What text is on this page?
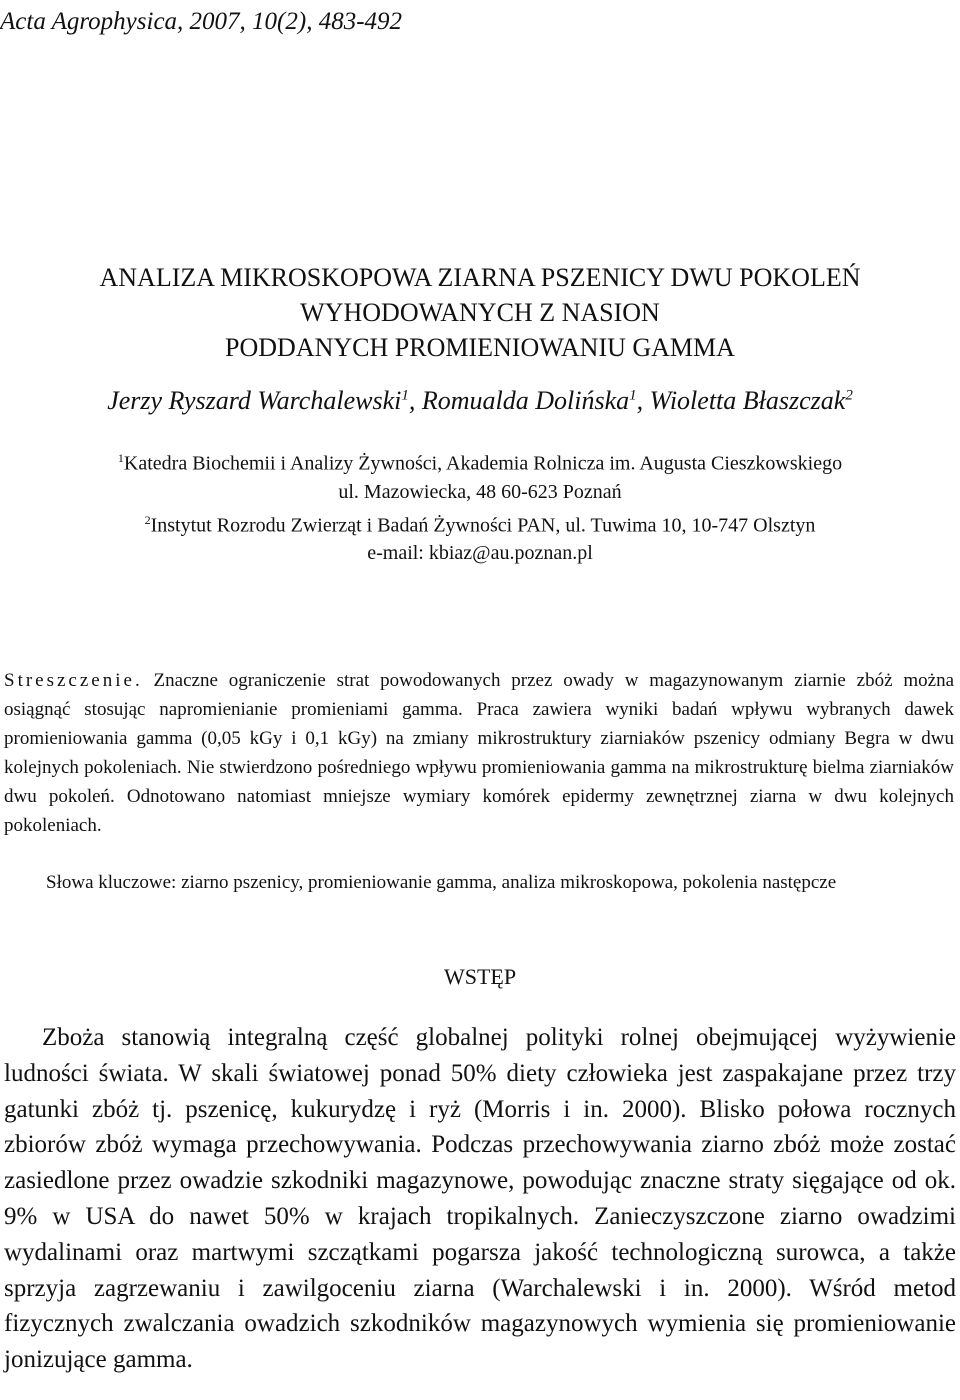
Acta Agrophysica, 2007, 10(2), 483-492
ANALIZA MIKROSKOPOWA ZIARNA PSZENICY DWU POKOLEŃ
WYHODOWANYCH Z NASION
PODDANYCH PROMIENIOWANIU GAMMA
Jerzy Ryszard Warchalewski$^1$, Romualda Dolińska$^1$, Wioletta Błaszczak$^2$
$^1$Katedra Biochemii i Analizy Żywności, Akademia Rolnicza im. Augusta Cieszkowskiego
ul. Mazowiecka, 48 60-623 Poznań
$^2$Instytut Rozrodu Zwierząt i Badań Żywności PAN, ul. Tuwima 10, 10-747 Olsztyn
e-mail: kbiaz@au.poznan.pl
Streszczenie. Znaczne ograniczenie strat powodowanych przez owady w magazynowanym ziarnie zbóż można osiągnąć stosując napromienianie promieniami gamma. Praca zawiera wyniki badań wpływu wybranych dawek promieniowania gamma (0,05 kGy i 0,1 kGy) na zmiany mikrostruktury ziarniaków pszenicy odmiany Begra w dwu kolejnych pokoleniach. Nie stwierdzono pośredniego wpływu promieniowania gamma na mikrostrukturę bielma ziarniaków dwu pokoleń. Odnotowano natomiast mniejsze wymiary komórek epidermy zewnętrznej ziarna w dwu kolejnych pokoleniach.
Słowa kluczowe: ziarno pszenicy, promieniowanie gamma, analiza mikroskopowa, pokolenia następcze
WSTĘP
Zboża stanowią integralną część globalnej polityki rolnej obejmującej wyżywienie ludności świata. W skali światowej ponad 50% diety człowieka jest zaspakajane przez trzy gatunki zbóż tj. pszenicę, kukurydzę i ryż (Morris i in. 2000). Blisko połowa rocznych zbiorów zbóż wymaga przechowywania. Podczas przechowywania ziarno zbóż może zostać zasiedlone przez owadzie szkodniki magazynowe, powodując znaczne straty sięgające od ok. 9% w USA do nawet 50% w krajach tropikalnych. Zanieczyszczone ziarno owadzimi wydalinami oraz martwymi szczątkami pogarsza jakość technologiczną surowca, a także sprzyja zagrzewaniu i zawilgoceniu ziarna (Warchalewski i in. 2000). Wśród metod fizycznych zwalczania owadzich szkodników magazynowych wymienia się promieniowanie jonizujące gamma.
